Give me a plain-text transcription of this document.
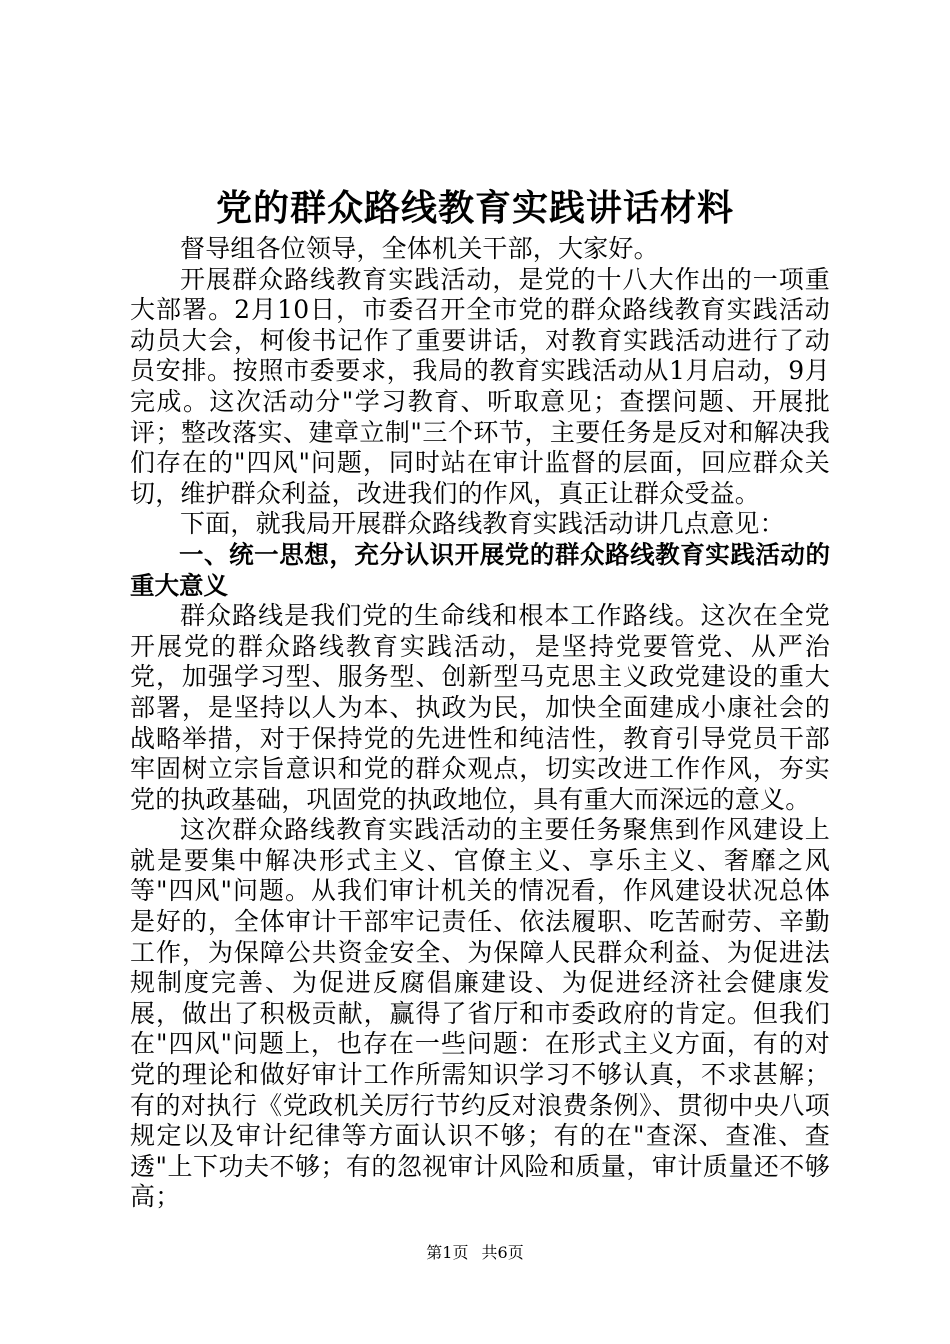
党的群众路线教育实践讲话材料

督导组各位领导，全体机关干部，大家好。

开展群众路线教育实践活动，是党的十八大作出的一项重大部署。2月10日，市委召开全市党的群众路线教育实践活动动员大会，柯俊书记作了重要讲话，对教育实践活动进行了动员安排。按照市委要求，我局的教育实践活动从1月启动，9月完成。这次活动分"学习教育、听取意见；查摆问题、开展批评；整改落实、建章立制"三个环节，主要任务是反对和解决我们存在的"四风"问题，同时站在审计监督的层面，回应群众关切，维护群众利益，改进我们的作风，真正让群众受益。

下面，就我局开展群众路线教育实践活动讲几点意见：

一、统一思想，充分认识开展党的群众路线教育实践活动的重大意义

群众路线是我们党的生命线和根本工作路线。这次在全党开展党的群众路线教育实践活动，是坚持党要管党、从严治党，加强学习型、服务型、创新型马克思主义政党建设的重大部署，是坚持以人为本、执政为民，加快全面建成小康社会的战略举措，对于保持党的先进性和纯洁性，教育引导党员干部牢固树立宗旨意识和党的群众观点，切实改进工作作风，夯实党的执政基础，巩固党的执政地位，具有重大而深远的意义。

这次群众路线教育实践活动的主要任务聚焦到作风建设上就是要集中解决形式主义、官僚主义、享乐主义、奢靡之风等"四风"问题。从我们审计机关的情况看，作风建设状况总体是好的，全体审计干部牢记责任、依法履职、吃苦耐劳、辛勤工作，为保障公共资金安全、为保障人民群众利益、为促进法规制度完善、为促进反腐倡廉建设、为促进经济社会健康发展，做出了积极贡献，赢得了省厅和市委政府的肯定。但我们在"四风"问题上，也存在一些问题：在形式主义方面，有的对党的理论和做好审计工作所需知识学习不够认真，不求甚解；有的对执行《党政机关厉行节约反对浪费条例》、贯彻中央八项规定以及审计纪律等方面认识不够；有的在"查深、查准、查透"上下功夫不够；有的忽视审计风险和质量，审计质量还不够高；

第1页 共6页
